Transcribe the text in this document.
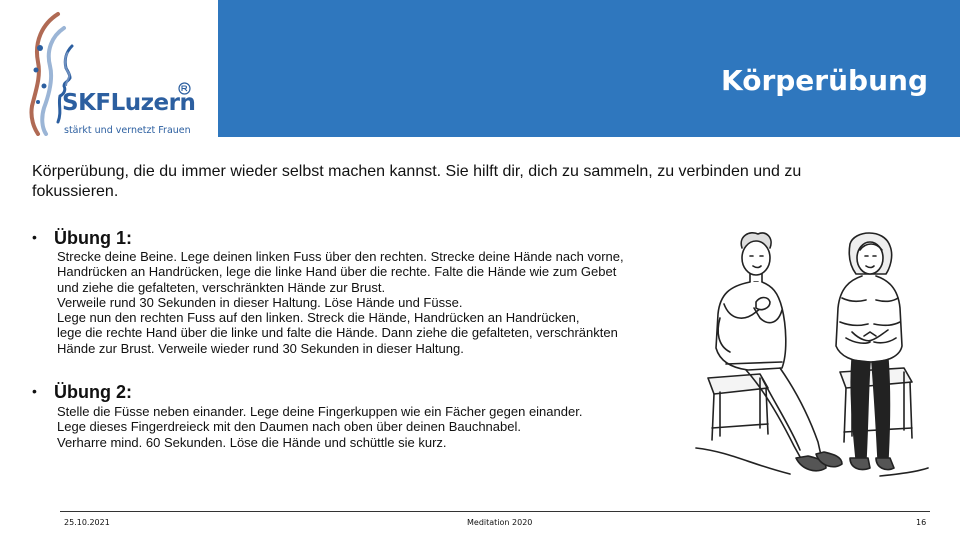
SKFLuzern
stärkt und vernetzt Frauen
Körperübung
Körperübung, die du immer wieder selbst machen kannst. Sie hilft dir, dich zu sammeln, zu verbinden und zu
fokussieren.
• Übung 1:

Strecke deine Beine. Lege deinen linken Fuss über den rechten. Strecke deine Hände nach vorne,

Handrücken an Handrücken, lege die linke Hand über die rechte. Falte die Hände wie zum Gebet

und ziehe die gefalteten, verschränkten Hände zur Brust.

Verweile rund 30 Sekunden in dieser Haltung. Löse Hände und Füsse.

Lege nun den rechten Fuss auf den linken. Streck die Hände, Handrücken an Handrücken,

lege die rechte Hand über die linke und falte die Hände. Dann ziehe die gefalteten, verschränkten

Hände zur Brust. Verweile wieder rund 30 Sekunden in dieser Haltung.

• Übung 2:

Stelle die Füsse neben einander. Lege deine Fingerkuppen wie ein Fächer gegen einander.

Lege dieses Fingerdreieck mit den Daumen nach oben über deinen Bauchnabel.

Verharre mind. 60 Sekunden. Löse die Hände und schüttle sie kurz.

25.10.2021	Meditation 2020	16
